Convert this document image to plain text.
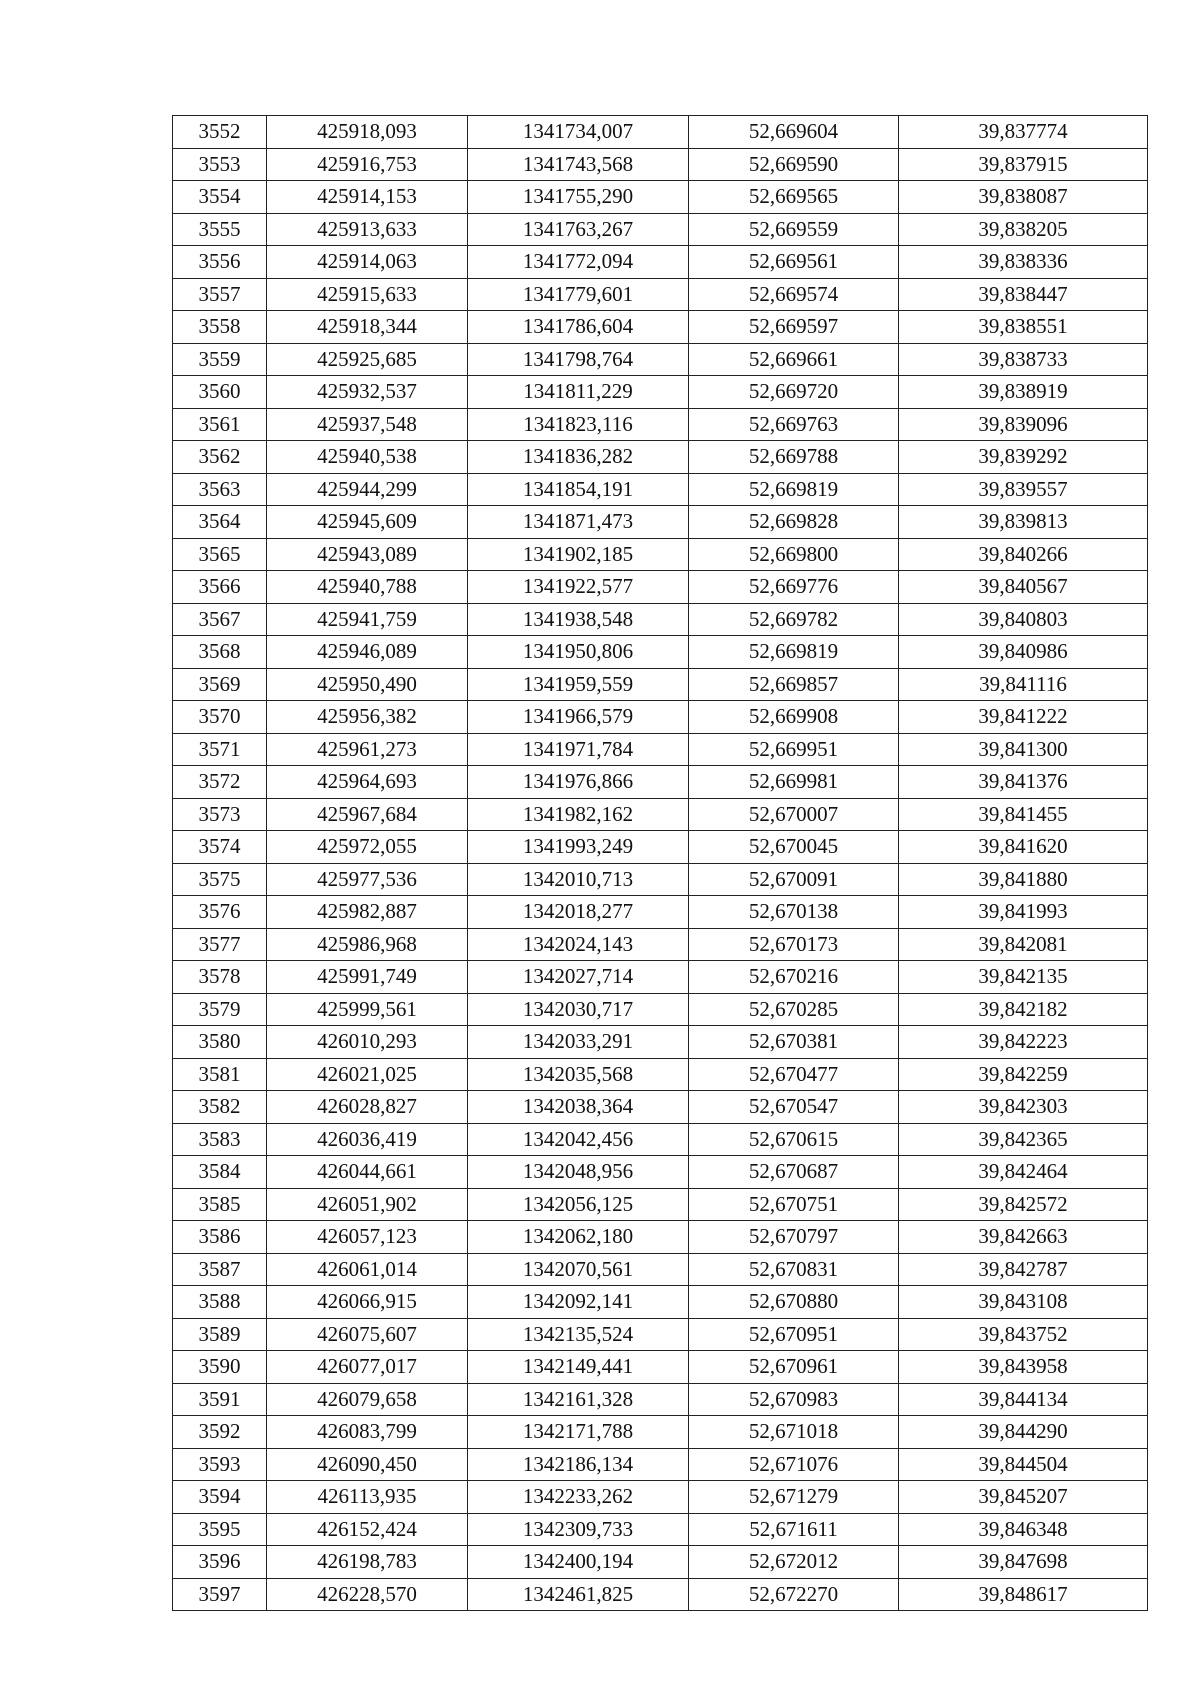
3552	425918,093	1341734,007	52,669604	39,837774
3553	425916,753	1341743,568	52,669590	39,837915
3554	425914,153	1341755,290	52,669565	39,838087
3555	425913,633	1341763,267	52,669559	39,838205
3556	425914,063	1341772,094	52,669561	39,838336
3557	425915,633	1341779,601	52,669574	39,838447
3558	425918,344	1341786,604	52,669597	39,838551
3559	425925,685	1341798,764	52,669661	39,838733
3560	425932,537	1341811,229	52,669720	39,838919
3561	425937,548	1341823,116	52,669763	39,839096
3562	425940,538	1341836,282	52,669788	39,839292
3563	425944,299	1341854,191	52,669819	39,839557
3564	425945,609	1341871,473	52,669828	39,839813
3565	425943,089	1341902,185	52,669800	39,840266
3566	425940,788	1341922,577	52,669776	39,840567
3567	425941,759	1341938,548	52,669782	39,840803
3568	425946,089	1341950,806	52,669819	39,840986
3569	425950,490	1341959,559	52,669857	39,841116
3570	425956,382	1341966,579	52,669908	39,841222
3571	425961,273	1341971,784	52,669951	39,841300
3572	425964,693	1341976,866	52,669981	39,841376
3573	425967,684	1341982,162	52,670007	39,841455
3574	425972,055	1341993,249	52,670045	39,841620
3575	425977,536	1342010,713	52,670091	39,841880
3576	425982,887	1342018,277	52,670138	39,841993
3577	425986,968	1342024,143	52,670173	39,842081
3578	425991,749	1342027,714	52,670216	39,842135
3579	425999,561	1342030,717	52,670285	39,842182
3580	426010,293	1342033,291	52,670381	39,842223
3581	426021,025	1342035,568	52,670477	39,842259
3582	426028,827	1342038,364	52,670547	39,842303
3583	426036,419	1342042,456	52,670615	39,842365
3584	426044,661	1342048,956	52,670687	39,842464
3585	426051,902	1342056,125	52,670751	39,842572
3586	426057,123	1342062,180	52,670797	39,842663
3587	426061,014	1342070,561	52,670831	39,842787
3588	426066,915	1342092,141	52,670880	39,843108
3589	426075,607	1342135,524	52,670951	39,843752
3590	426077,017	1342149,441	52,670961	39,843958
3591	426079,658	1342161,328	52,670983	39,844134
3592	426083,799	1342171,788	52,671018	39,844290
3593	426090,450	1342186,134	52,671076	39,844504
3594	426113,935	1342233,262	52,671279	39,845207
3595	426152,424	1342309,733	52,671611	39,846348
3596	426198,783	1342400,194	52,672012	39,847698
3597	426228,570	1342461,825	52,672270	39,848617
